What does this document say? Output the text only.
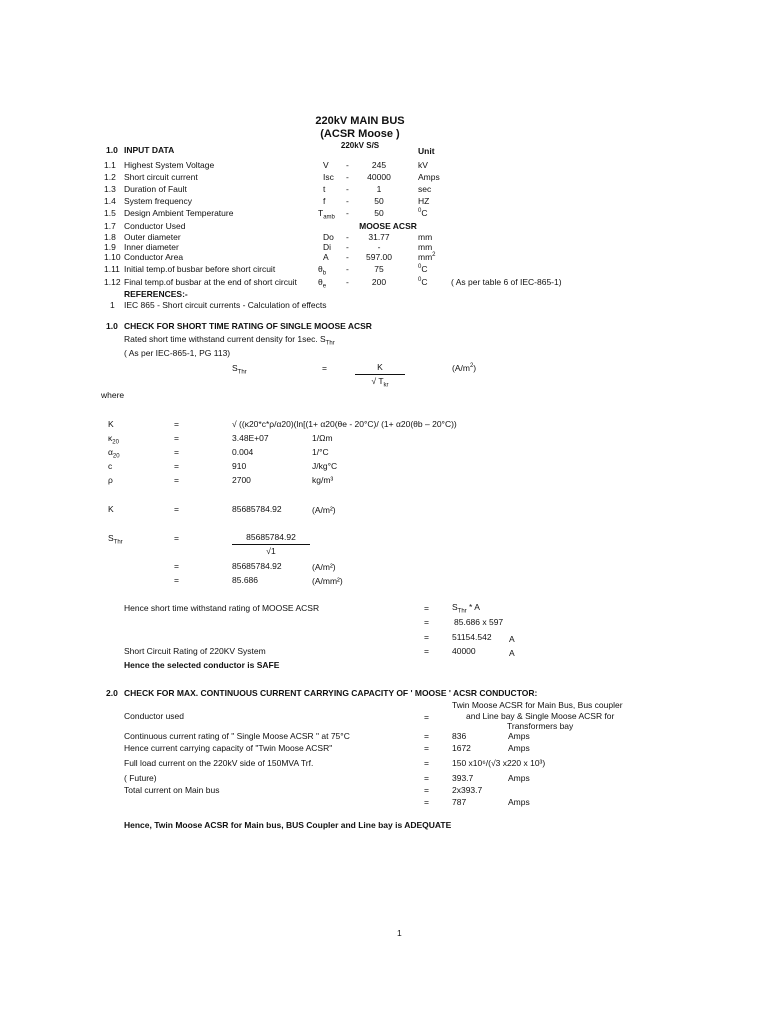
220kV MAIN BUS
(ACSR Moose )
220kV S/S
1.0 INPUT DATA	Unit
1.1 Highest System Voltage	V -	245	kV
1.2 Short circuit current	Isc -	40000	Amps
1.3 Duration of Fault	t -	1	sec
1.4 System frequency	f -	50	HZ
1.5 Design Ambient Temperature	$T_{amb}$ -	50	$^0$C
1.7 Conductor Used	MOOSE ACSR
1.8 Outer diameter	Do -	31.77	mm
1.9 Inner diameter	Di -	-	mm
1.10 Conductor Area	A -	597.00	$mm^2$
1.11 Initial temp.of busbar before short circuit	$\theta_b$ -	75	$^0$C
1.12 Final temp.of busbar at the end of short circuit $\theta_e$ -	200	$^0$C	( As per table 6 of IEC-865-1)
REFERENCES:-
1 IEC 865 - Short circuit currents - Calculation of effects
1.0 CHECK FOR SHORT TIME RATING OF SINGLE MOOSE ACSR
Rated short time withstand current density for 1sec. $S_{Thr}$
( As per IEC-865-1, PG 113)
$S_{Thr}$	=	K
√ $T_{kr}$
$(A/m^2)$
where
K	=	√ ((κ20*c*ρ/α20)(ln[(1+ α20(θe - 20°C)/ (1+ α20(θb – 20°C))
$\kappa_{20}$	=	3.48E+07	1/Ωm
$\alpha_{20}$	=	0.004	1/°C
c	=	910	J/kg°C
ρ	=	2700	kg/m³
K	=	85685784.92	(A/m²)
$S_{Thr}$	=	85685784.92
√1
=	85685784.92	(A/m²)
=	85.686	(A/mm²)
Hence short time withstand rating of MOOSE ACSR	=	$S_{Thr}$ * A
=	85.686 x 597
=	51154.542 A
Short Circuit Rating of 220KV System	=	40000	A
Hence the selected conductor is SAFE
2.0 CHECK FOR MAX. CONTINUOUS CURRENT CARRYING CAPACITY OF ' MOOSE ' ACSR CONDUCTOR:
Twin Moose ACSR for Main Bus, Bus coupler
Conductor used	=	and Line bay & Single Moose ACSR for
Transformers bay
Continuous current rating of " Single Moose ACSR " at 75°C	=	836	Amps
Hence current carrying capacity of "Twin Moose ACSR"	=	1672	Amps
Full load current on the 220kV side of 150MVA Trf.	=	150 x10⁶/(√3 x220 x 10³)
( Future)	=	393.7	Amps
Total current on Main bus	=	2x393.7
=	787	Amps
Hence, Twin Moose ACSR for Main bus, BUS Coupler and Line bay is ADEQUATE
1
